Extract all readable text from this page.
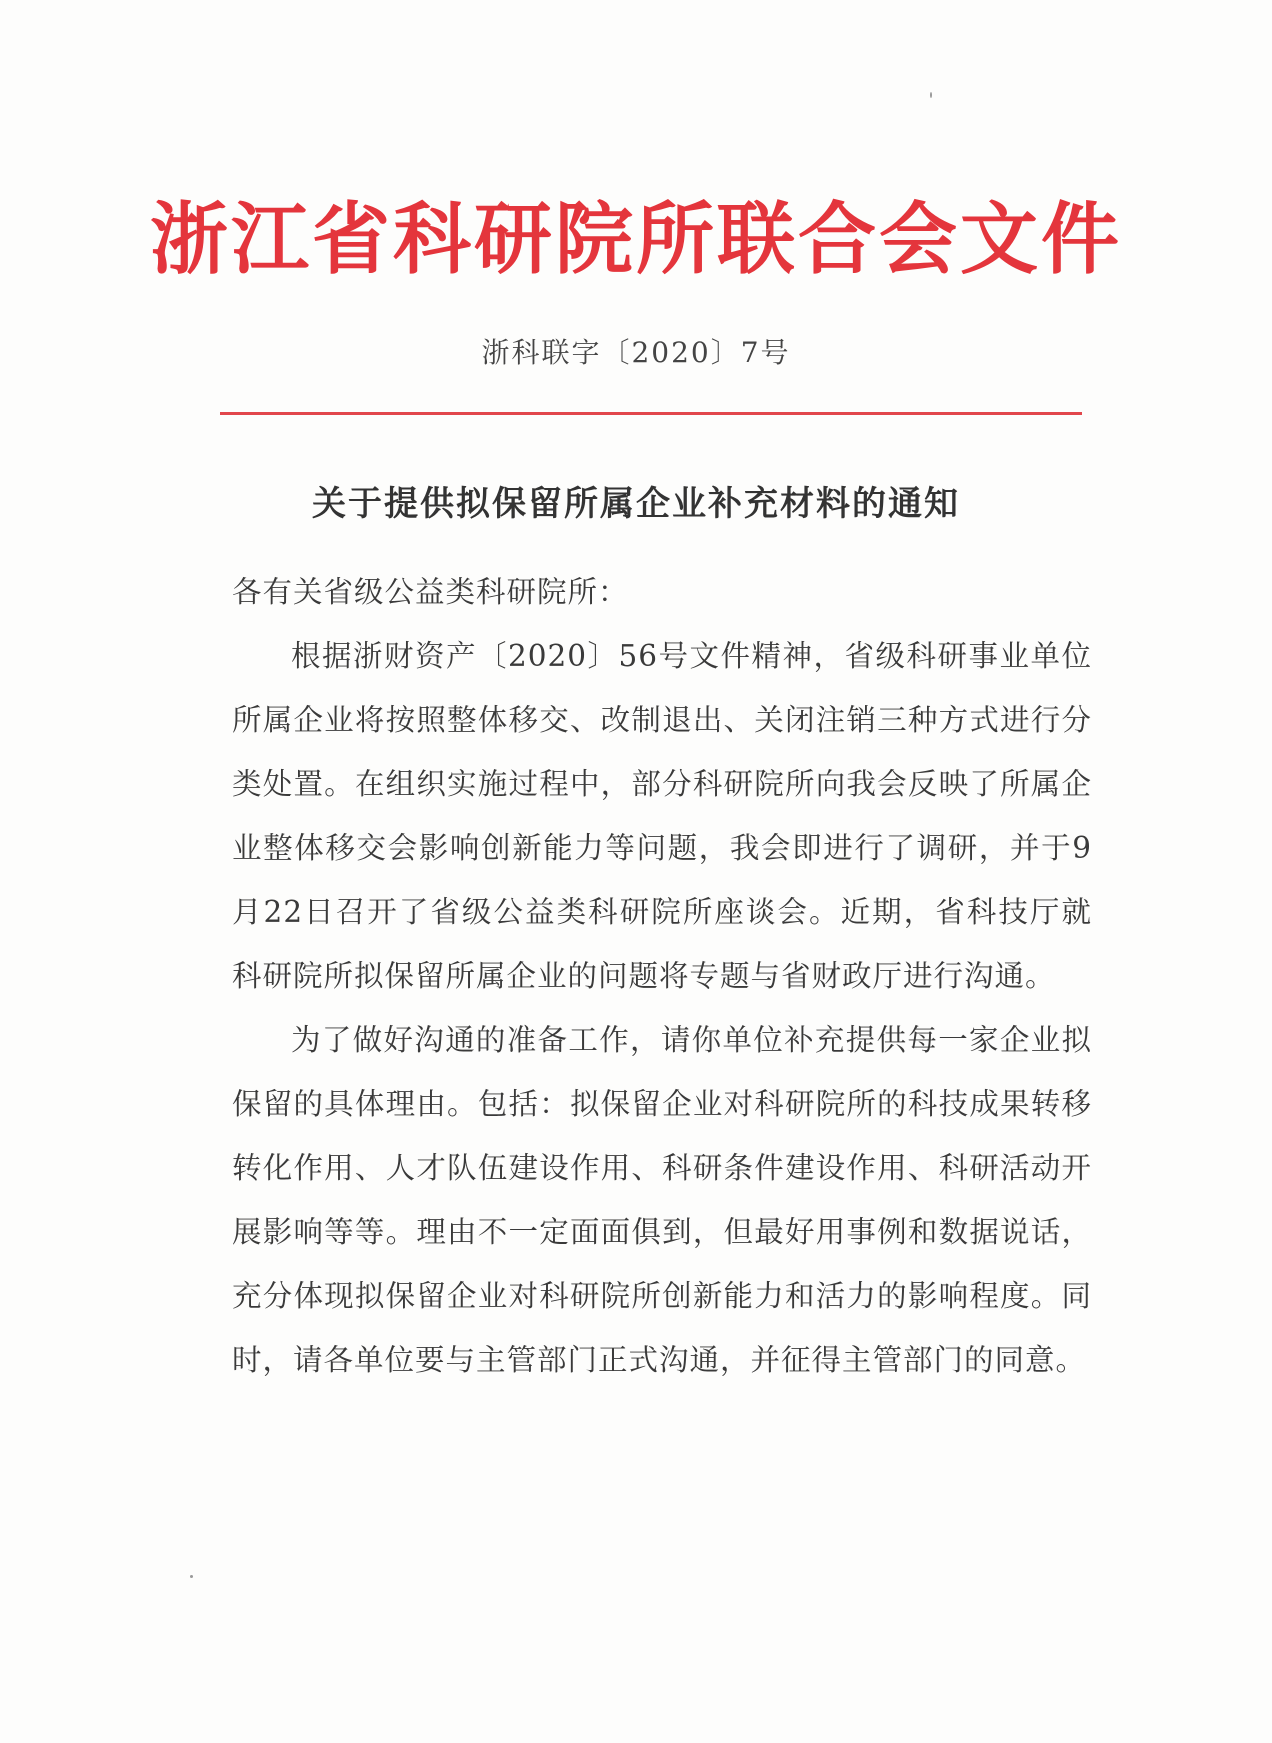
浙江省科研院所联合会文件
浙科联字〔2020〕7号
关于提供拟保留所属企业补充材料的通知

各有关省级公益类科研院所：

根据浙财资产〔2020〕56号文件精神，省级科研事业单位所属企业将按照整体移交、改制退出、关闭注销三种方式进行分类处置。在组织实施过程中，部分科研院所向我会反映了所属企业整体移交会影响创新能力等问题，我会即进行了调研，并于9月22日召开了省级公益类科研院所座谈会。近期，省科技厅就科研院所拟保留所属企业的问题将专题与省财政厅进行沟通。

为了做好沟通的准备工作，请你单位补充提供每一家企业拟保留的具体理由。包括：拟保留企业对科研院所的科技成果转移转化作用、人才队伍建设作用、科研条件建设作用、科研活动开展影响等等。理由不一定面面俱到，但最好用事例和数据说话，充分体现拟保留企业对科研院所创新能力和活力的影响程度。同时，请各单位要与主管部门正式沟通，并征得主管部门的同意。
